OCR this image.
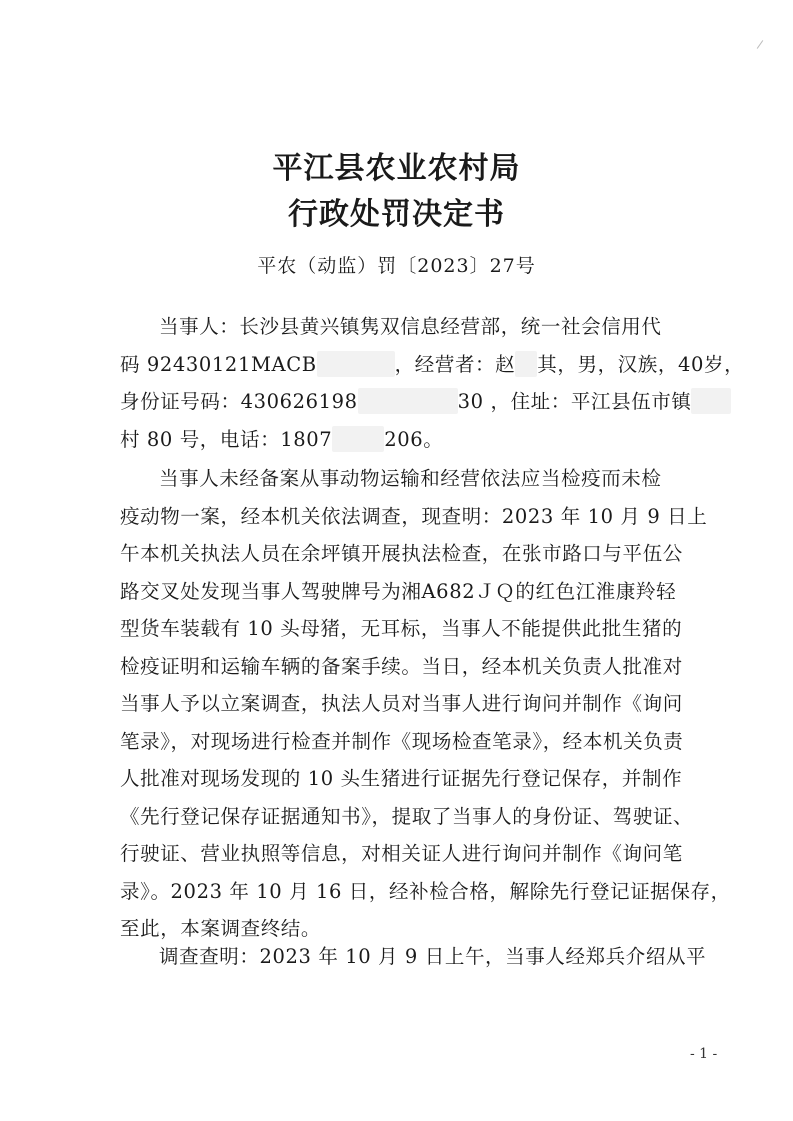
平江县农业农村局
行政处罚决定书
平农（动监）罚〔2023〕27号
当事人：长沙县黄兴镇隽双信息经营部，统一社会信用代
码 92430121MACB	，经营者：赵 其，男，汉族，40岁，
身份证号码：430626198	30 ，住址：平江县伍市镇
村 80 号，电话：1807	206。
当事人未经备案从事动物运输和经营依法应当检疫而未检
疫动物一案，经本机关依法调查，现查明：2023 年 10 月 9 日上
午本机关执法人员在余坪镇开展执法检查，在张市路口与平伍公
路交叉处发现当事人驾驶牌号为湘A682ＪＱ的红色江淮康羚轻
型货车装载有 10 头母猪，无耳标，当事人不能提供此批生猪的
检疫证明和运输车辆的备案手续。当日，经本机关负责人批准对
当事人予以立案调查，执法人员对当事人进行询问并制作《询问
笔录》，对现场进行检查并制作《现场检查笔录》，经本机关负责
人批准对现场发现的 10 头生猪进行证据先行登记保存，并制作
《先行登记保存证据通知书》，提取了当事人的身份证、驾驶证、
行驶证、营业执照等信息，对相关证人进行询问并制作《询问笔
录》。2023 年 10 月 16 日，经补检合格，解除先行登记证据保存，
至此，本案调查终结。
调查查明：2023 年 10 月 9 日上午，当事人经郑兵介绍从平
- 1 -
